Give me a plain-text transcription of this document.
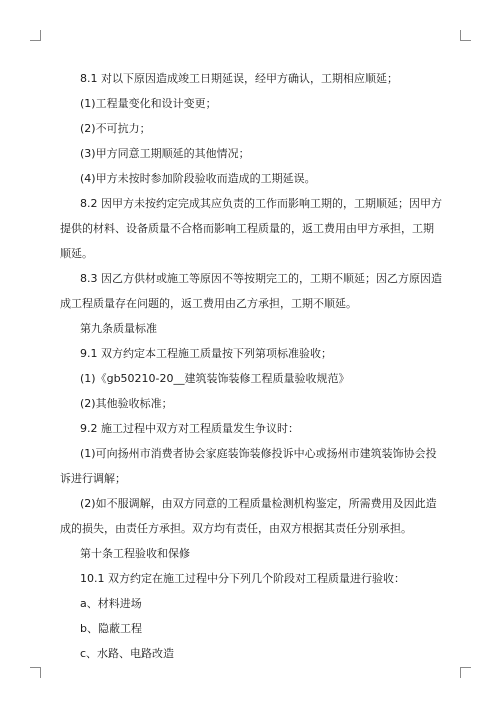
8.1 对以下原因造成竣工日期延误，经甲方确认，工期相应顺延；

(1)工程量变化和设计变更；

(2)不可抗力；

(3)甲方同意工期顺延的其他情况；

(4)甲方未按时参加阶段验收而造成的工期延误。

8.2 因甲方未按约定完成其应负责的工作而影响工期的，工期顺延；因甲方提供的材料、设备质量不合格而影响工程质量的，返工费用由甲方承担，工期顺延。

8.3 因乙方供材或施工等原因不等按期完工的，工期不顺延；因乙方原因造成工程质量存在问题的，返工费用由乙方承担，工期不顺延。

第九条质量标准

9.1 双方约定本工程施工质量按下列第项标准验收；

(1)《gb50210-20__建筑装饰装修工程质量验收规范》

(2)其他验收标准；

9.2 施工过程中双方对工程质量发生争议时：

(1)可向扬州市消费者协会家庭装饰装修投诉中心或扬州市建筑装饰协会投诉进行调解；

(2)如不服调解，由双方同意的工程质量检测机构鉴定，所需费用及因此造成的损失，由责任方承担。双方均有责任，由双方根据其责任分别承担。

第十条工程验收和保修

10.1 双方约定在施工过程中分下列几个阶段对工程质量进行验收：

a、材料进场

b、隐蔽工程

c、水路、电路改造
